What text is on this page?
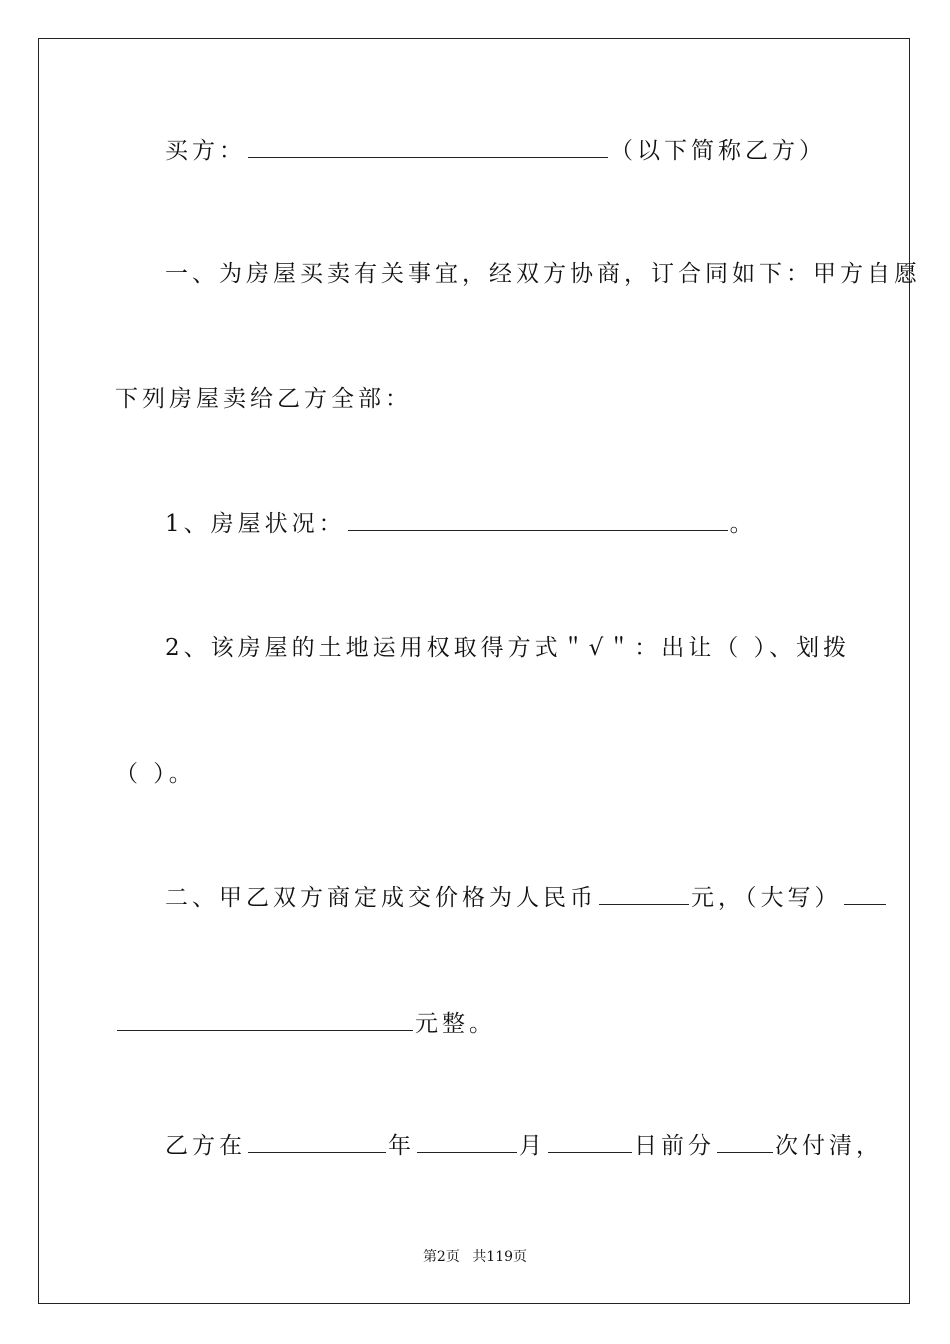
买方：	（以下简称乙方）
一、为房屋买卖有关事宜，经双方协商，订合同如下：甲方自愿
下列房屋卖给乙方全部：
1、房屋状况：	。
2、该房屋的土地运用权取得方式＂√＂：出让（ ）、划拨
（ ）。
二、甲乙双方商定成交价格为人民币	元，（大写）
元整。
乙方在	年	月	日前分	次付清，
第2页 共119页
